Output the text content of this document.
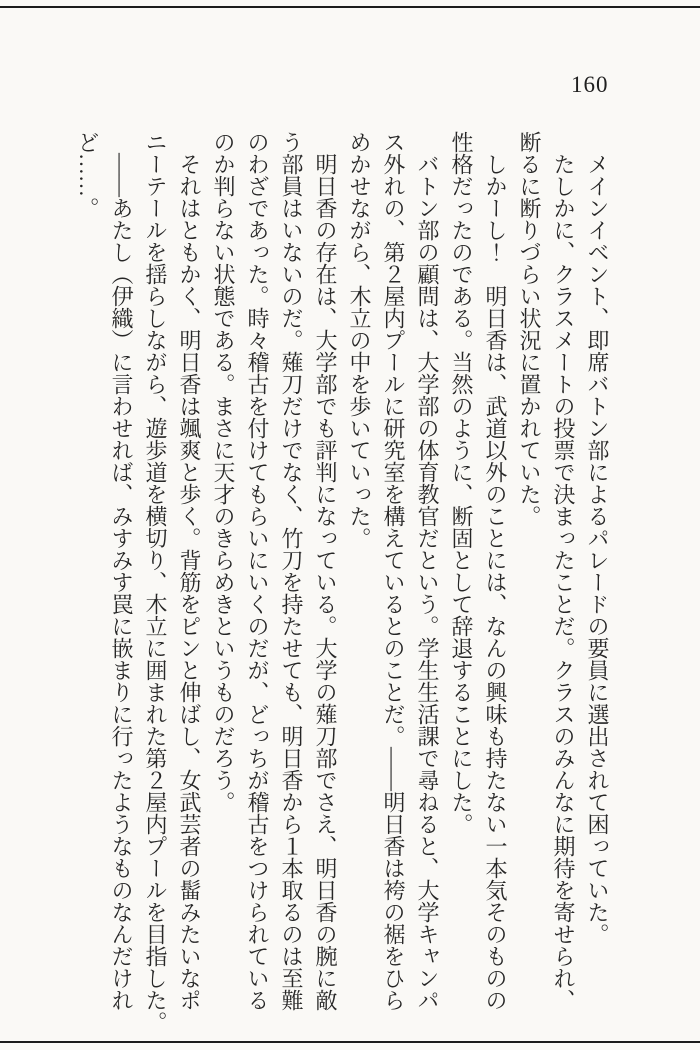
160

　メインイベント、即席バトン部によるパレードの要員に選出されて困っていた。

　たしかに、クラスメートの投票で決まったことだ。クラスのみんなに期待を寄せられ、

断るに断りづらい状況に置かれていた。

　しかーし！　明日香は、武道以外のことには、なんの興味も持たない一本気そのものの

性格だったのである。当然のように、断固として辞退することにした。

　バトン部の顧問は、大学部の体育教官だという。学生生活課で尋ねると、大学キャンパ

ス外れの、第２屋内プールに研究室を構えているとのことだ。――明日香は袴の裾をひら

めかせながら、木立の中を歩いていった。

　明日香の存在は、大学部でも評判になっている。大学の薙刀部でさえ、明日香の腕に敵

う部員はいないのだ。薙刀だけでなく、竹刀を持たせても、明日香から１本取るのは至難

のわざであった。時々稽古を付けてもらいにいくのだが、どっちが稽古をつけられている

のか判らない状態である。まさに天才のきらめきというものだろう。

　それはともかく、明日香は颯爽と歩く。背筋をピンと伸ばし、女武芸者の髷みたいなポ

ニーテールを揺らしながら、遊歩道を横切り、木立に囲まれた第２屋内プールを目指した。

　――あたし（伊織）に言わせれば、みすみす罠に嵌まりに行ったようなものなんだけれ

ど……。
